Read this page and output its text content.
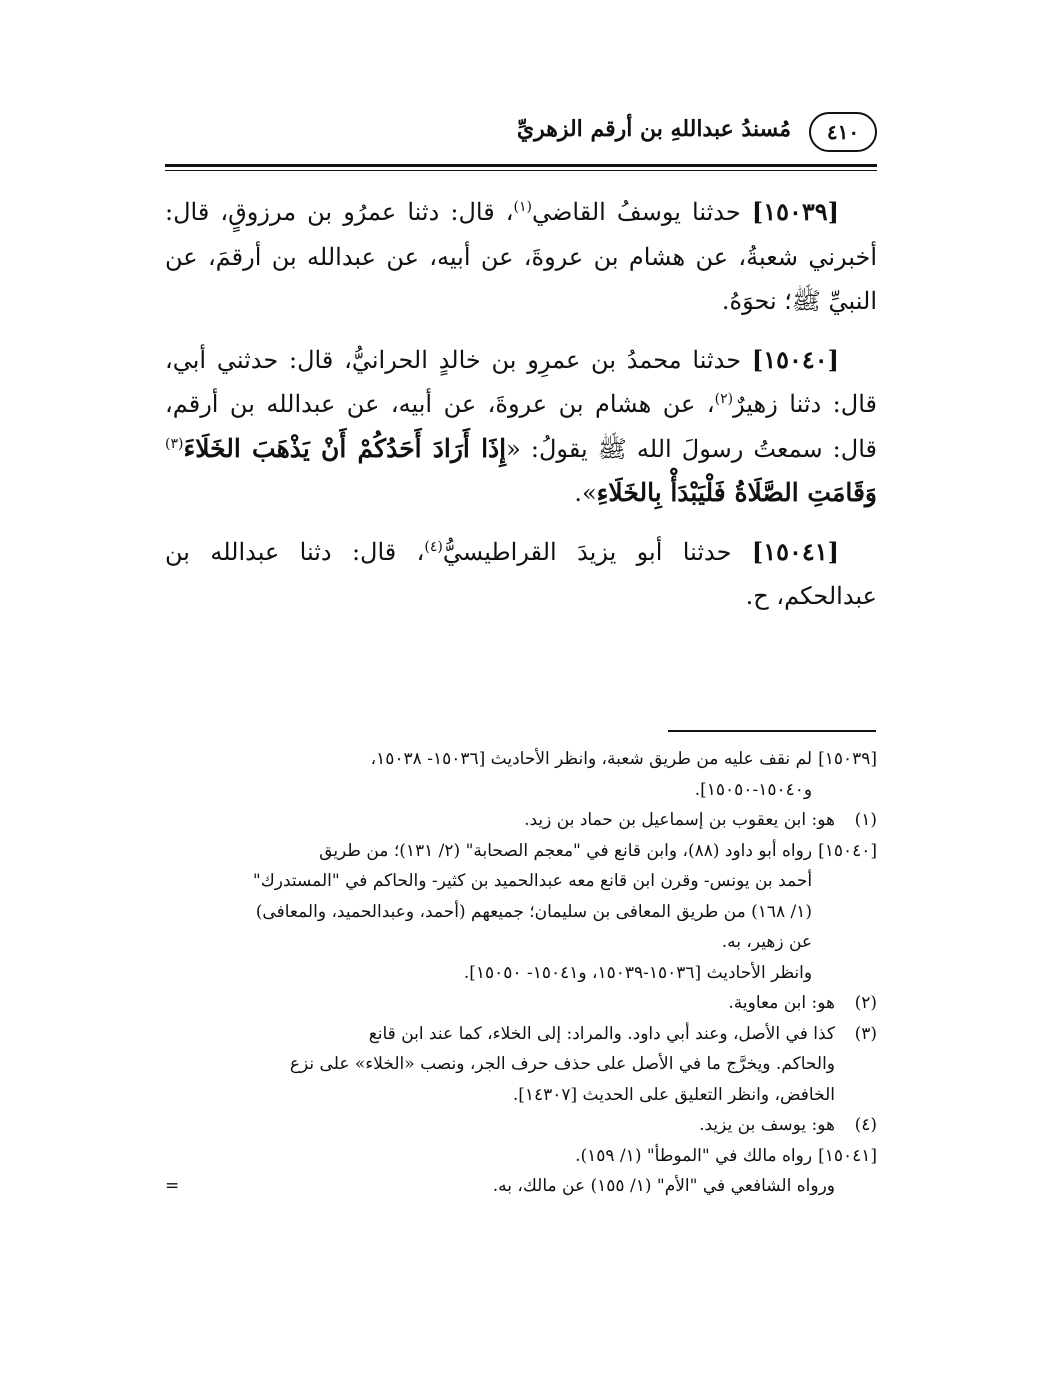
٤١٠
مُسندُ عبداللهِ بن أرقم الزهريِّ

[١٥٠٣٩] حدثنا يوسفُ القاضي$^{(١)}$، قال: دثنا عمرُو بن مرزوقٍ، قال: أخبرني شعبةُ، عن هشام بن عروةَ، عن أبيه، عن عبدالله بن أرقمَ، عن النبيِّ ﷺ؛ نحوَهُ.

[١٥٠٤٠] حدثنا محمدُ بن عمرِو بن خالدٍ الحرانيُّ، قال: حدثني أبي، قال: دثنا زهيرٌ$^{(٢)}$، عن هشام بن عروةَ، عن أبيه، عن عبدالله بن أرقم، قال: سمعتُ رسولَ الله ﷺ يقولُ: «إِذَا أَرَادَ أَحَدُكُمْ أَنْ يَذْهَبَ الخَلَاءَ$^{(٣)}$ وَقَامَتِ الصَّلَاةُ فَلْيَبْدَأْ بِالخَلَاءِ».

[١٥٠٤١] حدثنا أبو يزيدَ القراطيسيُّ$^{(٤)}$، قال: دثنا عبدالله بن عبدالحكم، ح.

[١٥٠٣٩]
لم نقف عليه من طريق شعبة، وانظر الأحاديث [١٥٠٣٦- ١٥٠٣٨،
و١٥٠٤٠-١٥٠٥٠].
(١)
هو: ابن يعقوب بن إسماعيل بن حماد بن زيد.
[١٥٠٤٠]
رواه أبو داود (٨٨)، وابن قانع في "معجم الصحابة" (٢/ ١٣١)؛ من طريق
أحمد بن يونس- وقرن ابن قانع معه عبدالحميد بن كثير- والحاكم في "المستدرك"
(١/ ١٦٨) من طريق المعافى بن سليمان؛ جميعهم (أحمد، وعبدالحميد، والمعافى)
عن زهير، به.
وانظر الأحاديث [١٥٠٣٦-١٥٠٣٩، و١٥٠٤١- ١٥٠٥٠].
(٢)
هو: ابن معاوية.
(٣)
كذا في الأصل، وعند أبي داود. والمراد: إلى الخلاء، كما عند ابن قانع
والحاكم. ويخرَّج ما في الأصل على حذف حرف الجر، ونصب «الخلاء» على نزع
الخافض، وانظر التعليق على الحديث [١٤٣٠٧].
(٤)
هو: يوسف بن يزيد.
[١٥٠٤١]
رواه مالك في "الموطأ" (١/ ١٥٩).
ورواه الشافعي في "الأم" (١/ ١٥٥) عن مالك، به.
=
